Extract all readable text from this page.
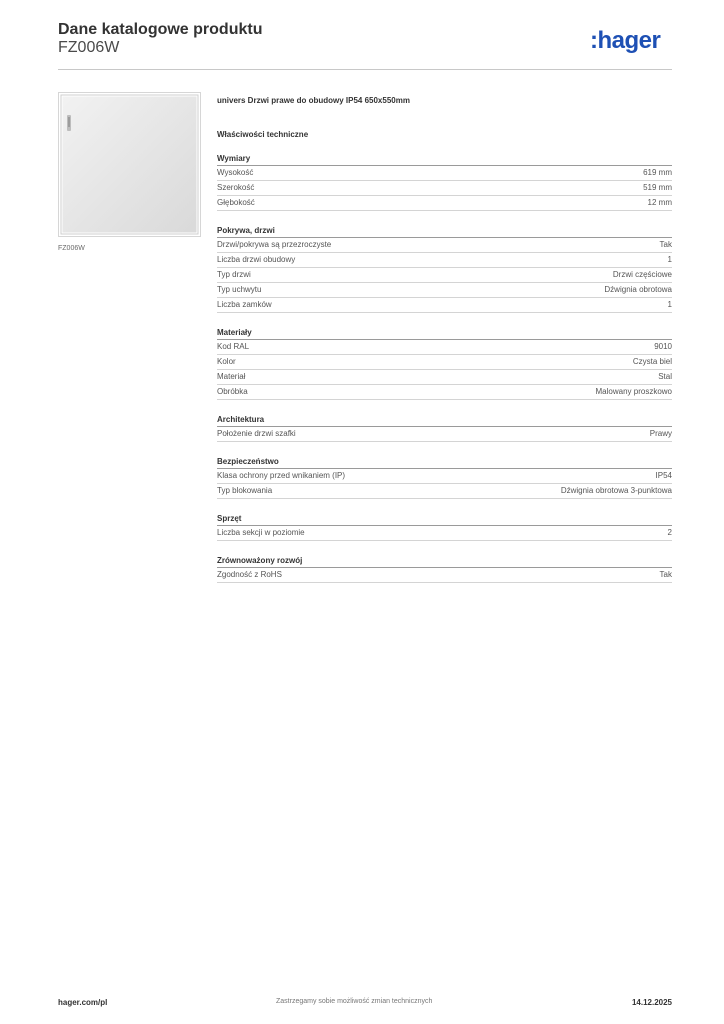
Dane katalogowe produktu
FZ006W	:hager
FZ006W
univers Drzwi prawe do obudowy IP54 650x550mm
Właściwości techniczne
Wymiary
Wysokość	619 mm
Szerokość	519 mm
Głębokość	12 mm
Pokrywa, drzwi
Drzwi/pokrywa są przezroczyste	Tak
Liczba drzwi obudowy	1
Typ drzwi	Drzwi częściowe
Typ uchwytu	Dźwignia obrotowa
Liczba zamków	1
Materiały
Kod RAL	9010
Kolor	Czysta biel
Materiał	Stal
Obróbka	Malowany proszkowo
Architektura
Położenie drzwi szafki	Prawy
Bezpieczeństwo
Klasa ochrony przed wnikaniem (IP)	IP54
Typ blokowania	Dźwignia obrotowa 3-punktowa
Sprzęt
Liczba sekcji w poziomie	2
Zrównoważony rozwój
Zgodność z RoHS	Tak
hager.com/pl	Zastrzegamy sobie możliwość zmian technicznych	14.12.2025
